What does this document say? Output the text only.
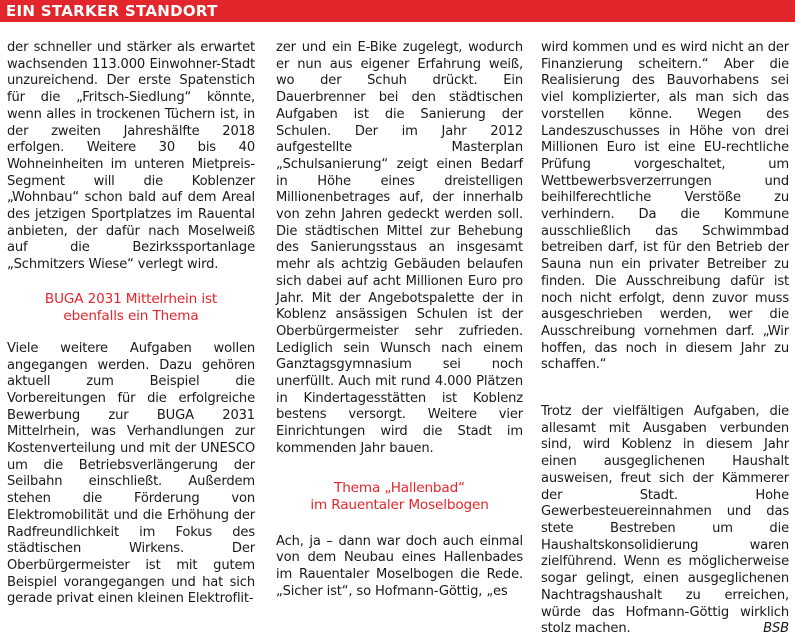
EIN STARKER STANDORT

der schneller und stärker als erwartet wachsenden 113.000 Einwohner-Stadt unzureichend. Der erste Spatenstich für die „Fritsch-Siedlung“ könnte, wenn alles in trockenen Tüchern ist, in der zweiten Jahreshälfte 2018 erfolgen. Weitere 30 bis 40 Wohneinheiten im unteren Mietpreis-Segment will die Koblenzer „Wohnbau“ schon bald auf dem Areal des jetzigen Sportplatzes im Rauental anbieten, der dafür nach Moselweiß auf die Bezirkssportanlage „Schmitzers Wiese“ verlegt wird.

BUGA 2031 Mittelrhein ist
ebenfalls ein Thema

Viele weitere Aufgaben wollen angegangen werden. Dazu gehören aktuell zum Beispiel die Vorbereitungen für die erfolgreiche Bewerbung zur BUGA 2031 Mittelrhein, was Verhandlungen zur Kostenverteilung und mit der UNESCO um die Betriebsverlängerung der Seilbahn einschließt. Außerdem stehen die Förderung von Elektromobilität und die Erhöhung der Radfreundlichkeit im Fokus des städtischen Wirkens. Der Oberbürgermeister ist mit gutem Beispiel vorangegangen und hat sich gerade privat einen kleinen Elektroflit-

zer und ein E-Bike zugelegt, wodurch er nun aus eigener Erfahrung weiß, wo der Schuh drückt. Ein Dauerbrenner bei den städtischen Aufgaben ist die Sanierung der Schulen. Der im Jahr 2012 aufgestellte Masterplan „Schulsanierung“ zeigt einen Bedarf in Höhe eines dreistelligen Millionenbetrages auf, der innerhalb von zehn Jahren gedeckt werden soll. Die städtischen Mittel zur Behebung des Sanierungsstaus an insgesamt mehr als achtzig Gebäuden belaufen sich dabei auf acht Millionen Euro pro Jahr. Mit der Angebotspalette der in Koblenz ansässigen Schulen ist der Oberbürgermeister sehr zufrieden. Lediglich sein Wunsch nach einem Ganztagsgymnasium sei noch unerfüllt. Auch mit rund 4.000 Plätzen in Kindertagesstätten ist Koblenz bestens versorgt. Weitere vier Einrichtungen wird die Stadt im kommenden Jahr bauen.

Thema „Hallenbad“
im Rauentaler Moselbogen

Ach, ja – dann war doch auch einmal von dem Neubau eines Hallenbades im Rauentaler Moselbogen die Rede. „Sicher ist“, so Hofmann-Göttig, „es

wird kommen und es wird nicht an der Finanzierung scheitern.“ Aber die Realisierung des Bauvorhabens sei viel komplizierter, als man sich das vorstellen könne. Wegen des Landeszuschusses in Höhe von drei Millionen Euro ist eine EU-rechtliche Prüfung vorgeschaltet, um Wettbewerbsverzerrungen und beihilferechtliche Verstöße zu verhindern. Da die Kommune ausschließlich das Schwimmbad betreiben darf, ist für den Betrieb der Sauna nun ein privater Betreiber zu finden. Die Ausschreibung dafür ist noch nicht erfolgt, denn zuvor muss ausgeschrieben werden, wer die Ausschreibung vornehmen darf. „Wir hoffen, das noch in diesem Jahr zu schaffen.“

Trotz der vielfältigen Aufgaben, die allesamt mit Ausgaben verbunden sind, wird Koblenz in diesem Jahr einen ausgeglichenen Haushalt ausweisen, freut sich der Kämmerer der Stadt. Hohe Gewerbesteuereinnahmen und das stete Bestreben um die Haushaltskonsolidierung waren zielführend. Wenn es möglicherweise sogar gelingt, einen ausgeglichenen Nachtragshaushalt zu erreichen, würde das Hofmann-Göttig wirklich stolz machen.	BSB
